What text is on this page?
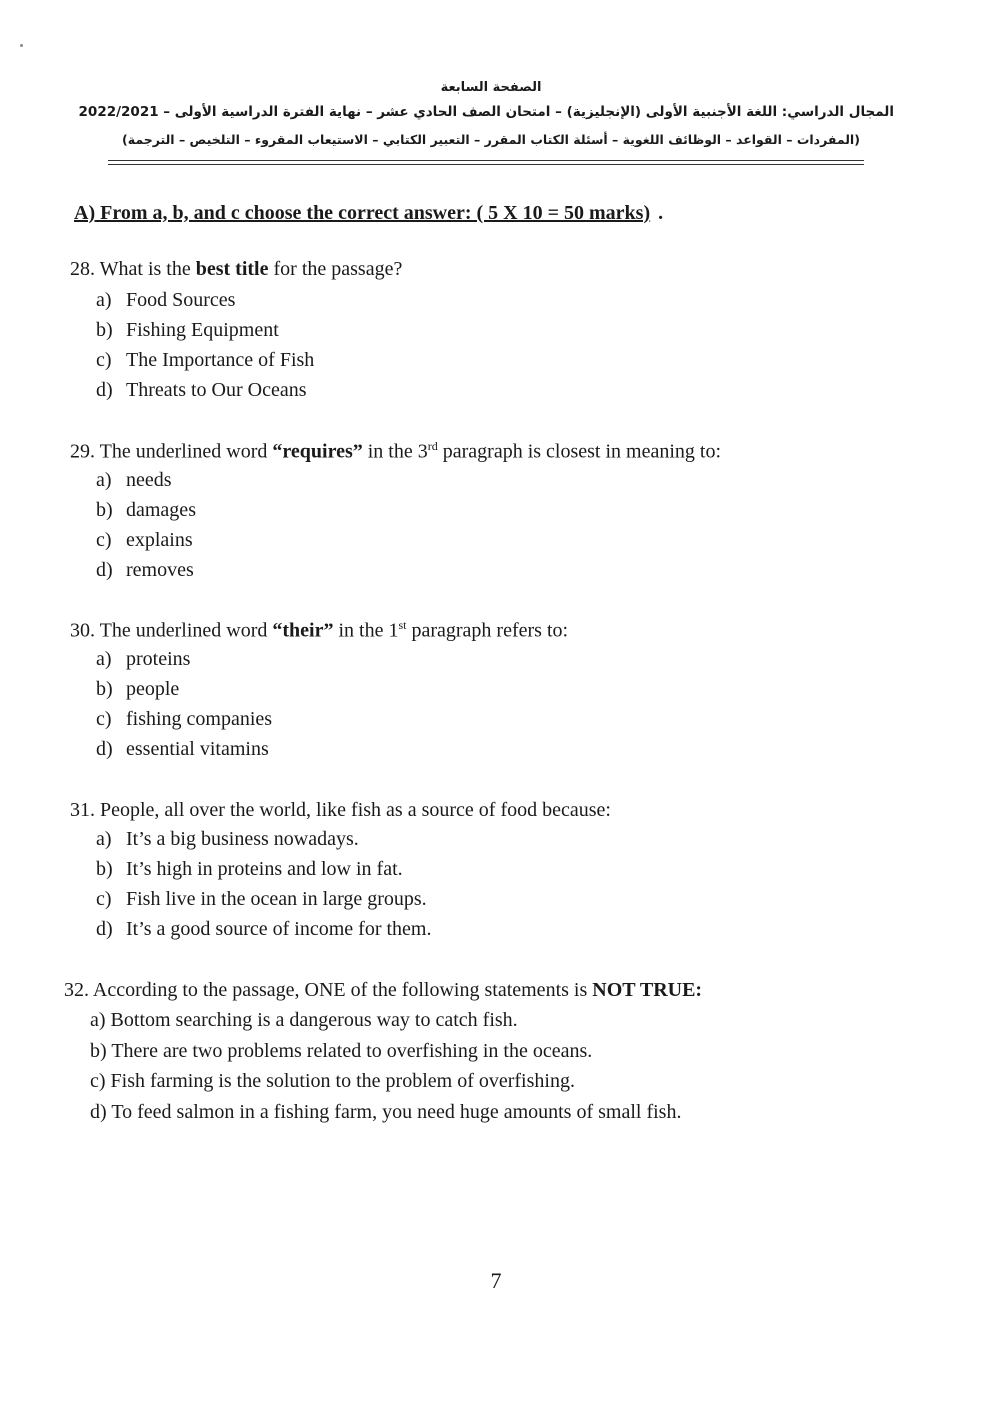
الصفحة السابعة
المجال الدراسي: اللغة الأجنبية الأولى (الإنجليزية) – امتحان الصف الحادي عشر – نهاية الفترة الدراسية الأولى – 2022/2021
(المفردات – القواعد – الوظائف اللغوية – أسئلة الكتاب المقرر – التعبير الكتابي – الاستيعاب المقروء – التلخيص – الترجمة)
A) From a, b, and c choose the correct answer: ( 5 X 10 = 50 marks) .
28. What is the best title for the passage?
a) Food Sources
b) Fishing Equipment
c) The Importance of Fish
d) Threats to Our Oceans
29. The underlined word “requires” in the 3rd paragraph is closest in meaning to:
a) needs
b) damages
c) explains
d) removes
30. The underlined word “their” in the 1st paragraph refers to:
a) proteins
b) people
c) fishing companies
d) essential vitamins
31. People, all over the world, like fish as a source of food because:
a) It’s a big business nowadays.
b) It’s high in proteins and low in fat.
c) Fish live in the ocean in large groups.
d) It’s a good source of income for them.
32. According to the passage, ONE of the following statements is NOT TRUE:
a) Bottom searching is a dangerous way to catch fish.
b) There are two problems related to overfishing in the oceans.
c) Fish farming is the solution to the problem of overfishing.
d) To feed salmon in a fishing farm, you need huge amounts of small fish.
7
